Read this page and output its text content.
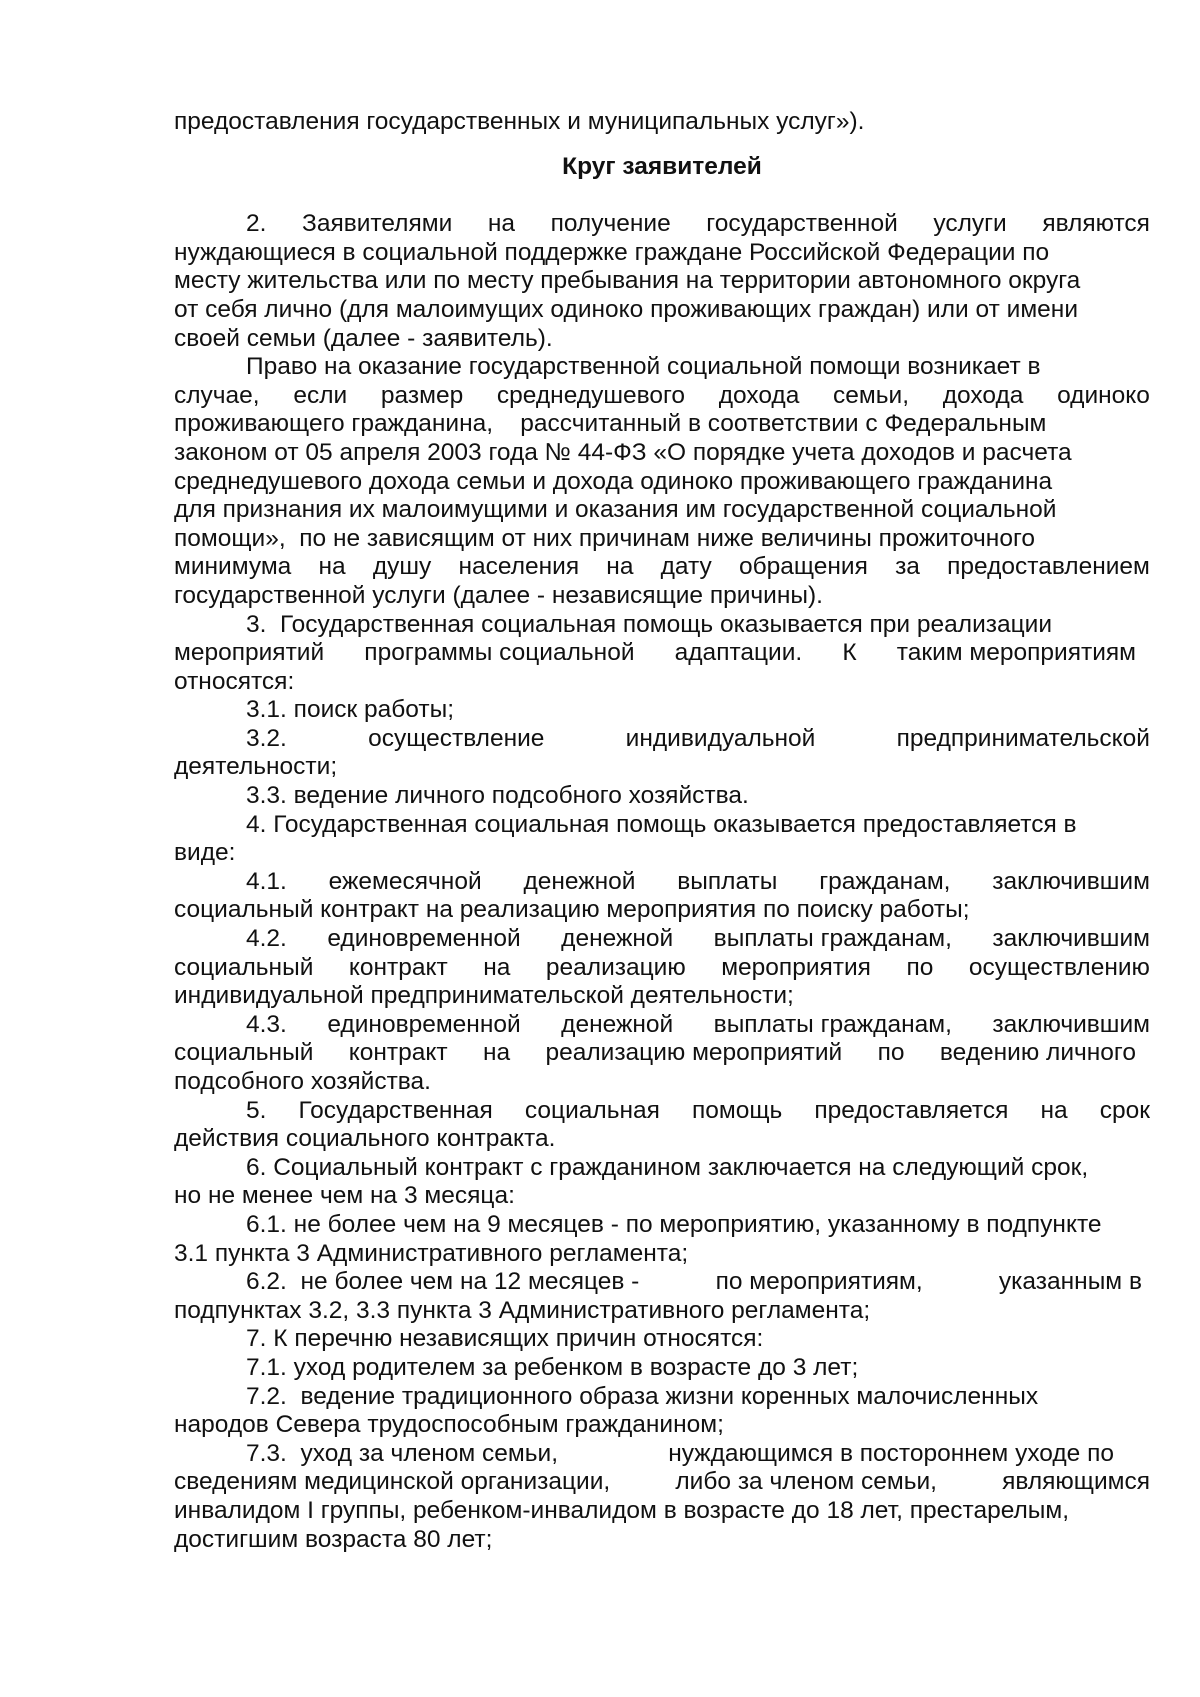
предоставления государственных и муниципальных услуг»).
Круг заявителей
2. Заявителями на получение государственной услуги являются
нуждающиеся в социальной поддержке граждане Российской Федерации по
месту жительства или по месту пребывания на территории автономного округа
от себя лично (для малоимущих одиноко проживающих граждан) или от имени
своей семьи (далее - заявитель).
Право на оказание государственной социальной помощи возникает в
случае, если размер среднедушевого дохода семьи, дохода одиноко
проживающего гражданина,    рассчитанный в соответствии с Федеральным
законом от 05 апреля 2003 года № 44-ФЗ «О порядке учета доходов и расчета
среднедушевого дохода семьи и дохода одиноко проживающего гражданина
для признания их малоимущими и оказания им государственной социальной
помощи»,  по не зависящим от них причинам ниже величины прожиточного
минимума на душу населения на дату обращения за предоставлением
государственной услуги (далее - независящие причины).
3.  Государственная социальная помощь оказывается при реализации
мероприятий программы социальной адаптации. К таким мероприятиям
относятся:
3.1. поиск работы;
3.2.	осуществление	индивидуальной	предпринимательской
деятельности;
3.3. ведение личного подсобного хозяйства.
4. Государственная социальная помощь оказывается предоставляется в
виде:
4.1. ежемесячной денежной выплаты гражданам, заключившим
социальный контракт на реализацию мероприятия по поиску работы;
4.2. единовременной денежной выплаты гражданам, заключившим
социальный контракт на реализацию мероприятия по осуществлению
индивидуальной предпринимательской деятельности;
4.3. единовременной денежной выплаты гражданам, заключившим
социальный контракт на реализацию мероприятий по ведению личного
подсобного хозяйства.
5. Государственная социальная помощь предоставляется на срок
действия социального контракта.
6. Социальный контракт с гражданином заключается на следующий срок,
но не менее чем на 3 месяца:
6.1. не более чем на 9 месяцев - по мероприятию, указанному в подпункте
3.1 пункта 3 Административного регламента;
6.2.  не более чем на 12 месяцев -	по мероприятиям,	указанным в
подпунктах 3.2, 3.3 пункта 3 Административного регламента;
7. К перечню независящих причин относятся:
7.1. уход родителем за ребенком в возрасте до 3 лет;
7.2.  ведение традиционного образа жизни коренных малочисленных
народов Севера трудоспособным гражданином;
7.3.  уход за членом семьи,	нуждающимся в постороннем уходе по
сведениям медицинской организации,	либо за членом семьи,	являющимся
инвалидом I группы, ребенком-инвалидом в возрасте до 18 лет, престарелым,
достигшим возраста 80 лет;
